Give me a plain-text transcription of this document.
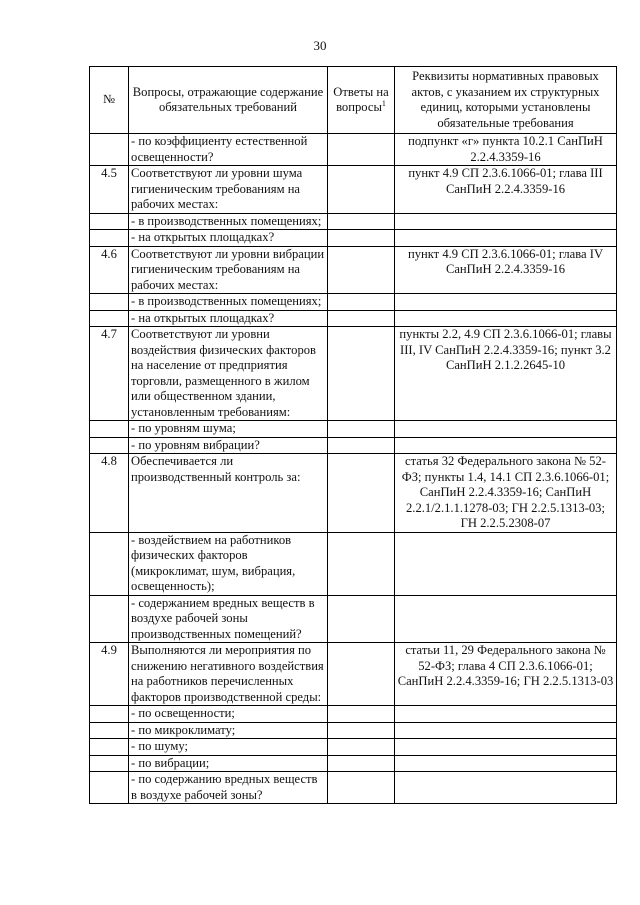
30
№	Вопросы, отражающие содержание обязательных требований	Ответы на вопросы$^1$	Реквизиты нормативных правовых актов, с указанием их структурных единиц, которыми установлены обязательные требования
	- по коэффициенту естественной освещенности?		подпункт «г» пункта 10.2.1 СанПиН 2.2.4.3359-16
4.5	Соответствуют ли уровни шума гигиеническим требованиям на рабочих местах:		пункт 4.9 СП 2.3.6.1066-01; глава III СанПиН 2.2.4.3359-16
	- в производственных помещениях;		
	- на открытых площадках?		
4.6	Соответствуют ли уровни вибрации гигиеническим требованиям на рабочих местах:		пункт 4.9 СП 2.3.6.1066-01; глава IV СанПиН 2.2.4.3359-16
	- в производственных помещениях;		
	- на открытых площадках?		
4.7	Соответствуют ли уровни воздействия физических факторов на население от предприятия торговли, размещенного в жилом или общественном здании, установленным требованиям:		пункты 2.2, 4.9 СП 2.3.6.1066-01; главы III, IV СанПиН 2.2.4.3359-16; пункт 3.2 СанПиН 2.1.2.2645-10
	- по уровням шума;		
	- по уровням вибрации?		
4.8	Обеспечивается ли производственный контроль за:		статья 32 Федерального закона № 52-ФЗ; пункты 1.4, 14.1 СП 2.3.6.1066-01; СанПиН 2.2.4.3359-16; СанПиН 2.2.1/2.1.1.1278-03; ГН 2.2.5.1313-03; ГН 2.2.5.2308-07
	- воздействием на работников физических факторов (микроклимат, шум, вибрация, освещенность);		
	- содержанием вредных веществ в воздухе рабочей зоны производственных помещений?		
4.9	Выполняются ли мероприятия по снижению негативного воздействия на работников перечисленных факторов производственной среды:		статьи 11, 29 Федерального закона № 52-ФЗ; глава 4 СП 2.3.6.1066-01; СанПиН 2.2.4.3359-16; ГН 2.2.5.1313-03
	- по освещенности;		
	- по микроклимату;		
	- по шуму;		
	- по вибрации;		
	- по содержанию вредных веществ в воздухе рабочей зоны?		
